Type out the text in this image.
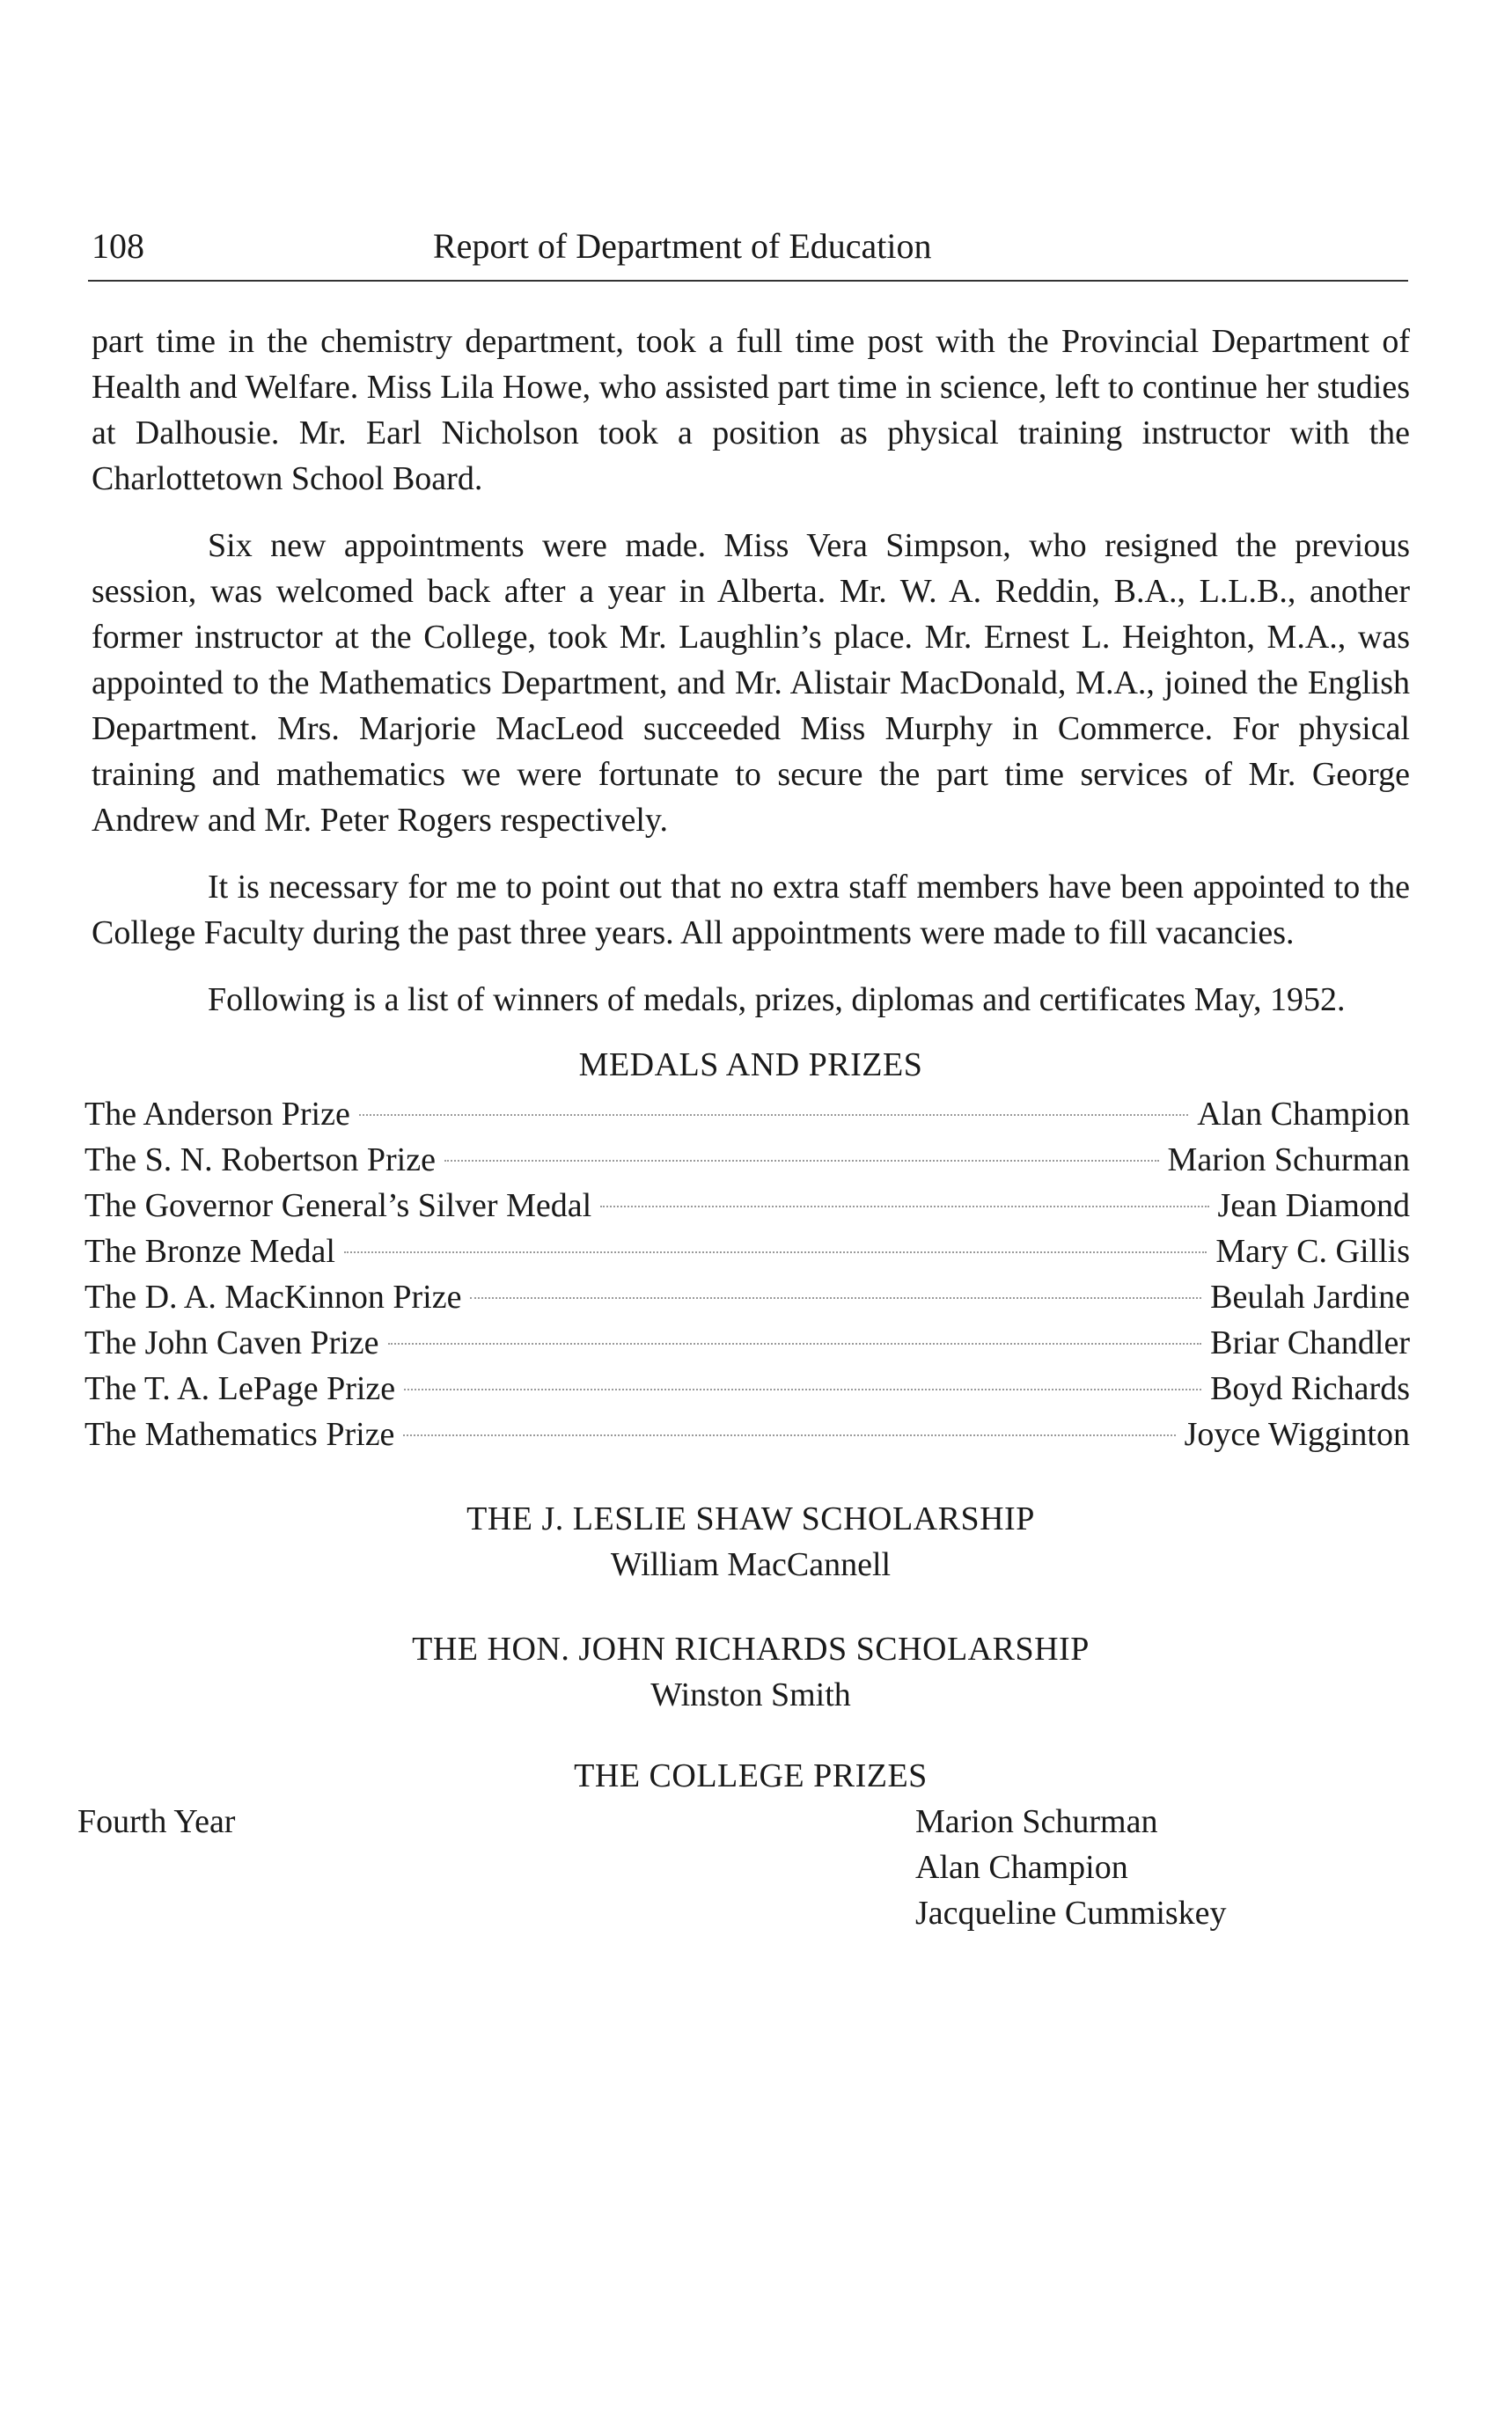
108	Report of Department of Education

part time in the chemistry department, took a full time post with the Provincial Department of Health and Welfare. Miss Lila Howe, who assisted part time in science, left to continue her studies at Dalhousie. Mr. Earl Nicholson took a position as physical training instructor with the Charlottetown School Board.

Six new appointments were made. Miss Vera Simpson, who resigned the previous session, was welcomed back after a year in Alberta. Mr. W. A. Reddin, B.A., L.L.B., another former instructor at the College, took Mr. Laughlin’s place. Mr. Ernest L. Heighton, M.A., was appointed to the Mathematics Department, and Mr. Alistair MacDonald, M.A., joined the English Department. Mrs. Marjorie MacLeod succeeded Miss Murphy in Commerce. For physical training and mathematics we were fortunate to secure the part time services of Mr. George Andrew and Mr. Peter Rogers respectively.

It is necessary for me to point out that no extra staff members have been appointed to the College Faculty during the past three years. All appointments were made to fill vacancies.

Following is a list of winners of medals, prizes, diplomas and certificates May, 1952.

MEDALS AND PRIZES
The Anderson Prize	Alan Champion
The S. N. Robertson Prize	Marion Schurman
The Governor General’s Silver Medal	Jean Diamond
The Bronze Medal	Mary C. Gillis
The D. A. MacKinnon Prize	Beulah Jardine
The John Caven Prize	Briar Chandler
The T. A. LePage Prize	Boyd Richards
The Mathematics Prize	Joyce Wigginton
THE J. LESLIE SHAW SCHOLARSHIP
William MacCannell
THE HON. JOHN RICHARDS SCHOLARSHIP
Winston Smith
THE COLLEGE PRIZES
Fourth Year	Marion Schurman
Alan Champion
Jacqueline Cummiskey
